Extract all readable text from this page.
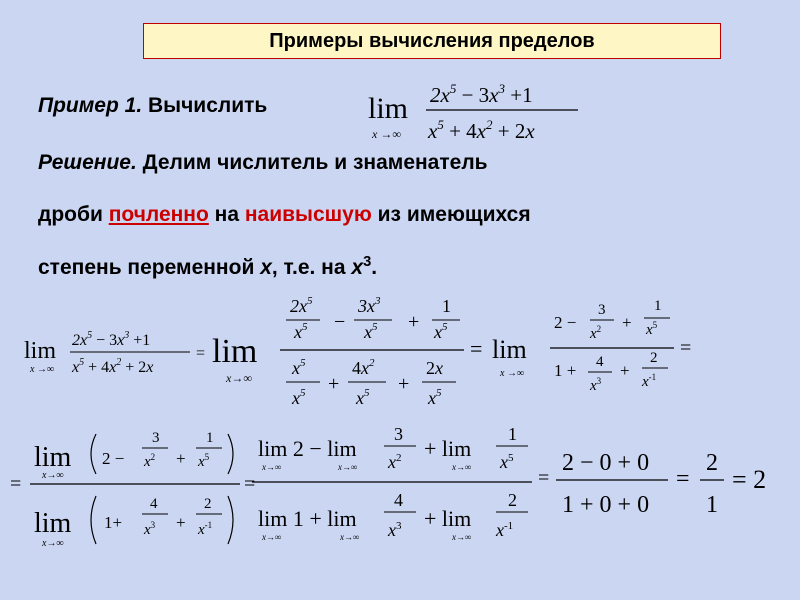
Примеры вычисления пределов
Пример 1. Вычислить	lim
x →∞
$2x^5 - 3x^3 +1$
$x^5 + 4x^2 + 2x$
Решение. Делим числитель и знаменатель
дроби почленно на наивысшую из имеющихся
степень переменной x, т.е. на $x^3$.
lim
x →∞
$2x^5 - 3x^3 +1$
$x^5 + 4x^2 + 2x$
= lim
x→∞
$2x^5$
$x^5$ −
$3x^3$
$x^5$ +
1
$x^5$
$x^5$
$x^5$ +
$4x^2$
$x^5$ +
2x
$x^5$
= lim
x →∞
2 −
3
$x^2$ +
1
$x^5$
1 + 4
$x^3$
+
2
$x^{-1}$
=
=
lim
x→∞
2 −
3
$x^2$ +
1
$x^5$
lim
x→∞
1+
4
$x^3$ +
2
$x^{-1}$
=
lim 2 − lim
x→∞	x→∞
3
$x^2 + \lim$
x→∞
1
$x^5$
lim 1 + lim
x→∞	x→∞
4
$x^3 + \lim$
x→∞
2
$x^{-1}$
=
2 − 0 + 0
1 + 0 + 0
=
2
1
= 2
